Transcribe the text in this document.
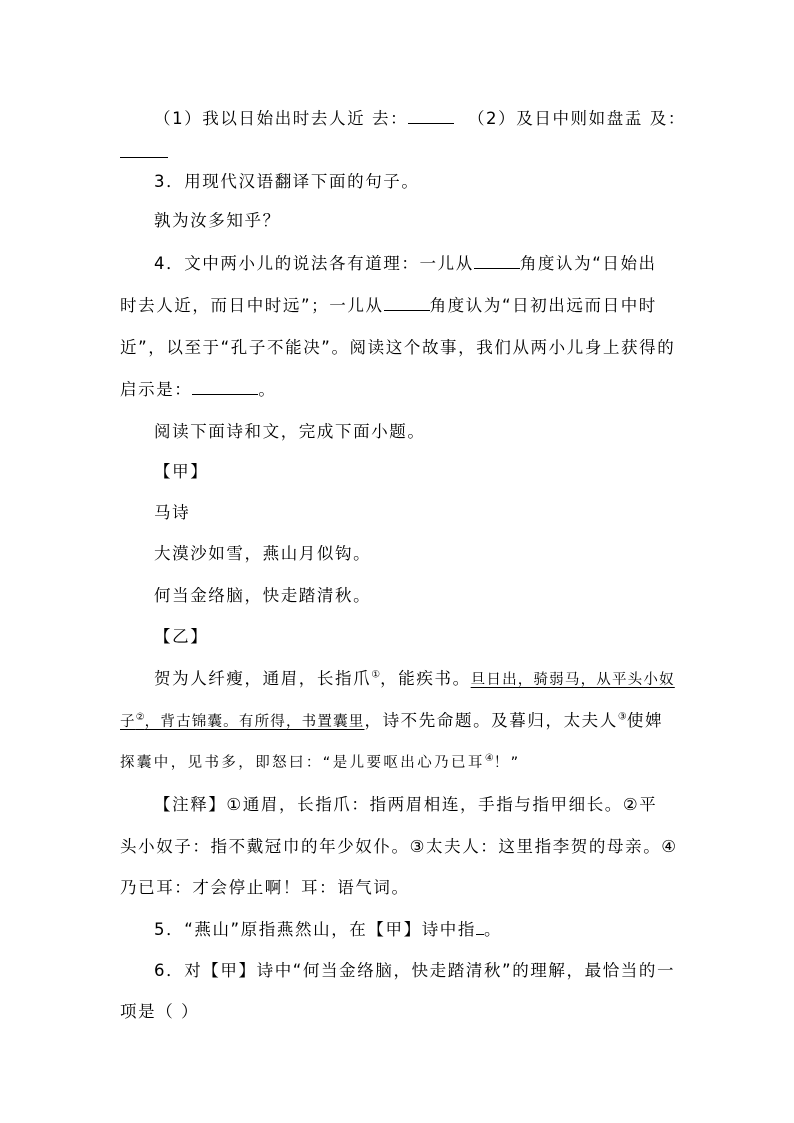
（1）我以日始出时去人近 去：	（2）及日中则如盘盂 及：
3．用现代汉语翻译下面的句子。
孰为汝多知乎？
4．文中两小儿的说法各有道理：一儿从	角度认为“日始出
时去人近，而日中时远”；一儿从	角度认为“日初出远而日中时
近”，以至于“孔子不能决”。阅读这个故事，我们从两小儿身上获得的
启示是：	。
阅读下面诗和文，完成下面小题。
【甲】
马诗
大漠沙如雪，燕山月似钩。
何当金络脑，快走踏清秋。
【乙】
贺为人纤瘦，通眉，长指爪①，能疾书。旦日出，骑弱马，从平头小奴
子②，背古锦囊。有所得，书置囊里，诗不先命题。及暮归，太夫人③使婢
探囊中，见书多，即怒曰：“是儿要呕出心乃已耳④！”
【注释】①通眉，长指爪：指两眉相连，手指与指甲细长。②平
头小奴子：指不戴冠巾的年少奴仆。③太夫人：这里指李贺的母亲。④
乃已耳：才会停止啊！耳：语气词。
5．“燕山”原指燕然山，在【甲】诗中指 。
6．对【甲】诗中“何当金络脑，快走踏清秋”的理解，最恰当的一
项是（ ）
